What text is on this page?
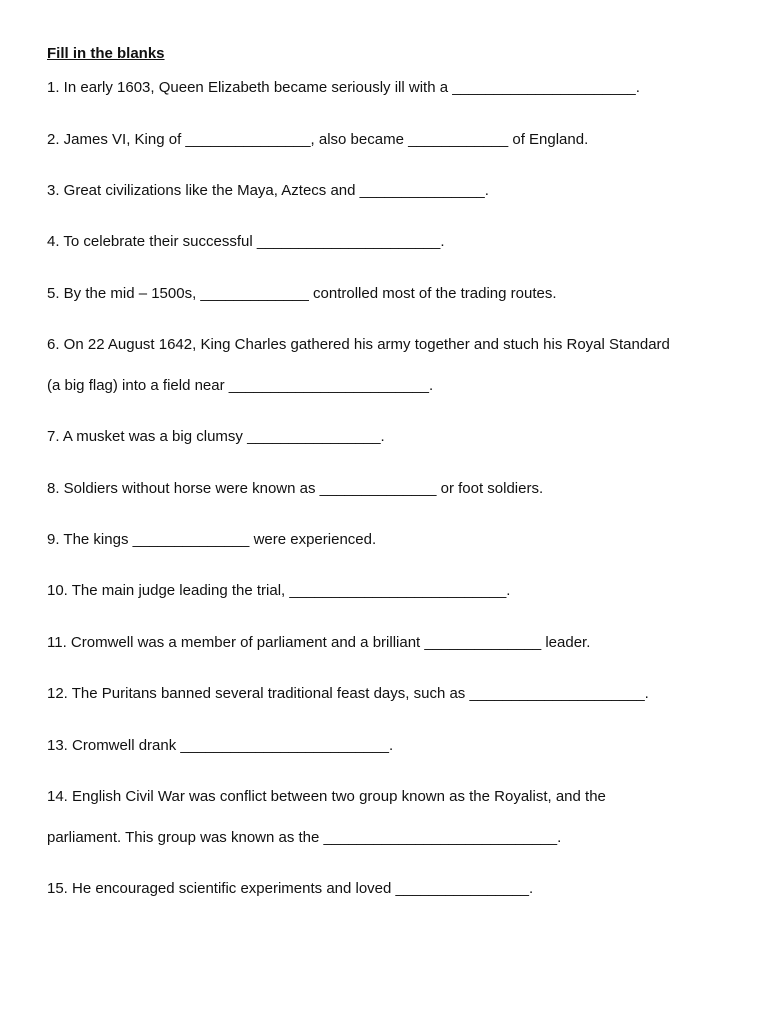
Fill in the blanks
1. In early 1603, Queen Elizabeth became seriously ill with a ______________________.
2. James VI, King of _______________, also became ____________ of England.
3. Great civilizations like the Maya, Aztecs and _______________.
4. To celebrate their successful ______________________.
5. By the mid – 1500s, _____________ controlled most of the trading routes.
6. On 22 August 1642, King Charles gathered his army together and stuch his Royal Standard
(a big flag) into a field near ________________________.
7. A musket was a big clumsy ________________.
8. Soldiers without horse were known as ______________ or foot soldiers.
9. The kings ______________ were experienced.
10. The main judge leading the trial, __________________________.
11. Cromwell was a member of parliament and a brilliant ______________ leader.
12. The Puritans banned several traditional feast days, such as _____________________.
13. Cromwell drank _________________________.
14. English Civil War was conflict between two group known as the Royalist, and the
parliament. This group was known as the ____________________________.
15. He encouraged scientific experiments and loved ________________.
